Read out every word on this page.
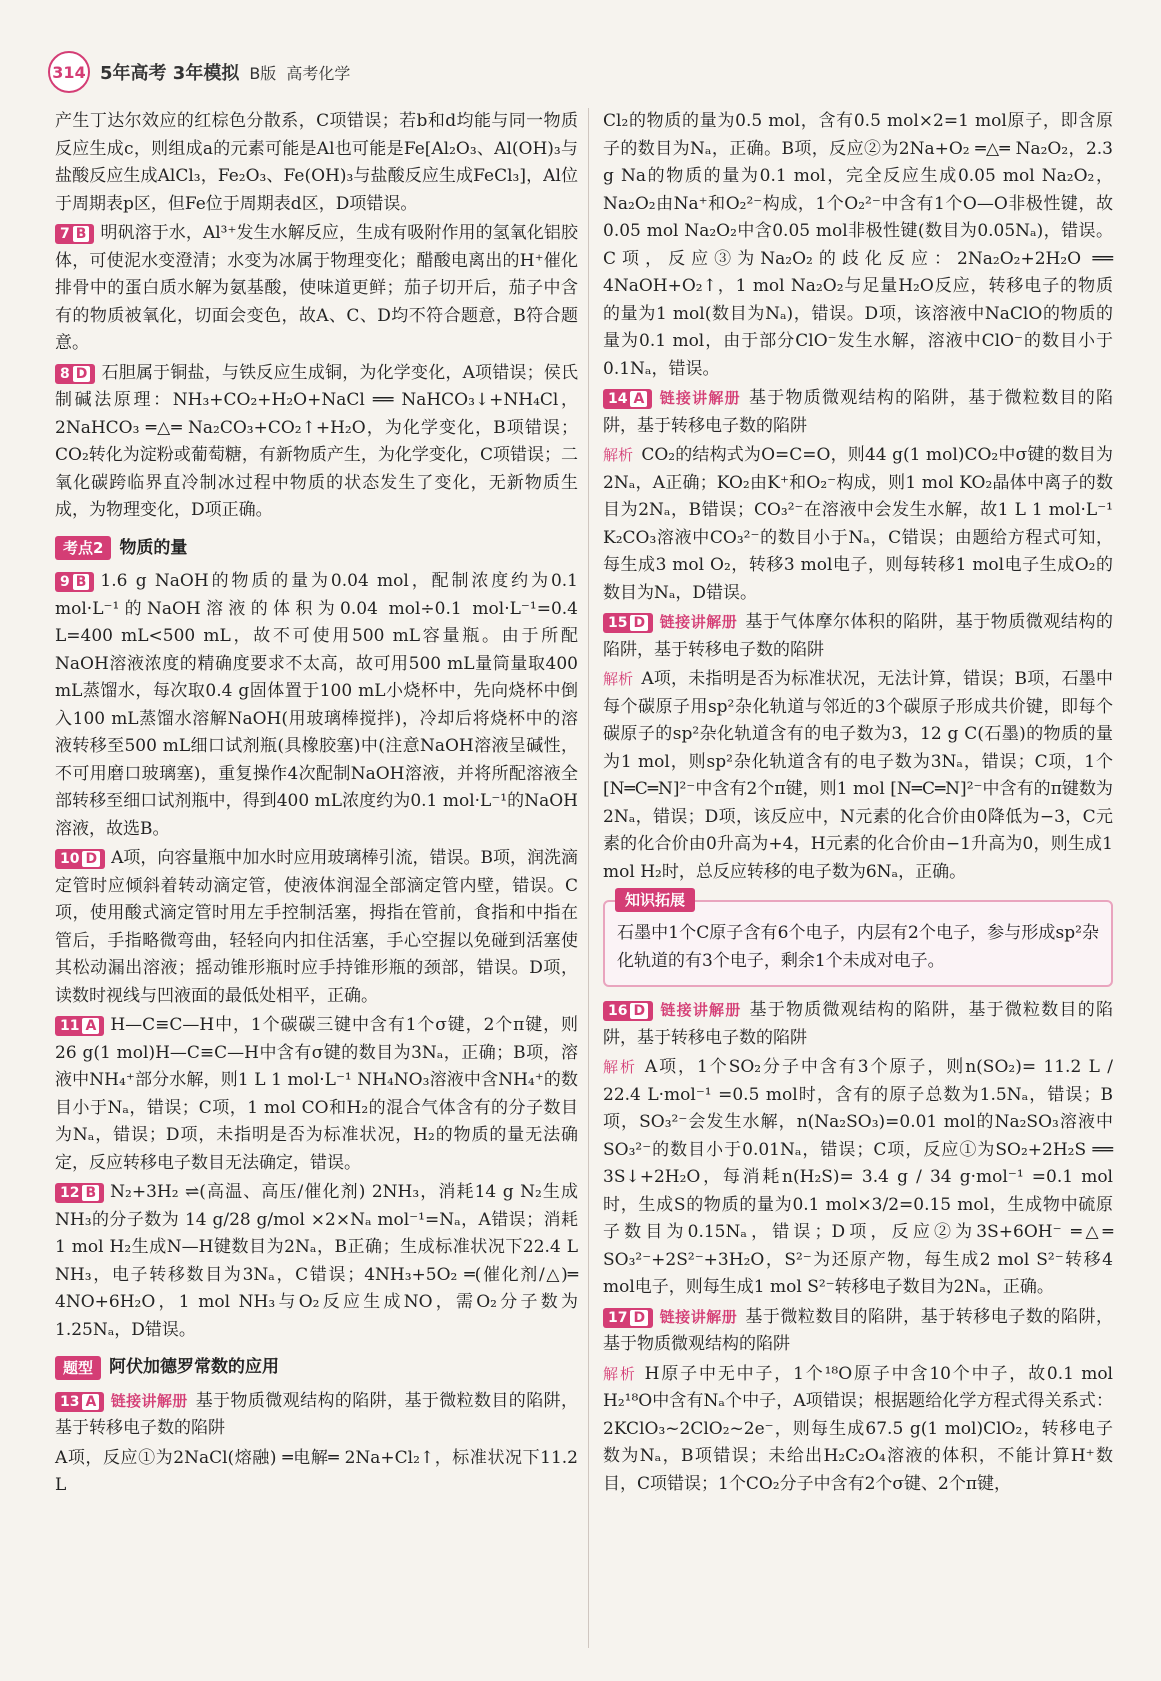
314 5年高考 3年模拟 B版 高考化学

产生丁达尔效应的红棕色分散系，C项错误；若b和d均能与同一物质反应生成c，则组成a的元素可能是Al也可能是Fe[Al₂O₃、Al(OH)₃与盐酸反应生成AlCl₃，Fe₂O₃、Fe(OH)₃与盐酸反应生成FeCl₃]，Al位于周期表p区，但Fe位于周期表d区，D项错误。

7 B 明矾溶于水，Al³⁺发生水解反应，生成有吸附作用的氢氧化铝胶体，可使泥水变澄清；水变为冰属于物理变化；醋酸电离出的H⁺催化排骨中的蛋白质水解为氨基酸，使味道更鲜；茄子切开后，茄子中含有的物质被氧化，切面会变色，故A、C、D均不符合题意，B符合题意。

8 D 石胆属于铜盐，与铁反应生成铜，为化学变化，A项错误；侯氏制碱法原理：NH₃+CO₂+H₂O+NaCl ══ NaHCO₃↓+NH₄Cl，2NaHCO₃ ═△═ Na₂CO₃+CO₂↑+H₂O，为化学变化，B项错误；CO₂转化为淀粉或葡萄糖，有新物质产生，为化学变化，C项错误；二氧化碳跨临界直冷制冰过程中物质的状态发生了变化，无新物质生成，为物理变化，D项正确。

考点2 物质的量

9 B 1.6 g NaOH的物质的量为0.04 mol，配制浓度约为0.1 mol·L⁻¹的NaOH溶液的体积为0.04 mol÷0.1 mol·L⁻¹=0.4 L=400 mL<500 mL，故不可使用500 mL容量瓶。由于所配NaOH溶液浓度的精确度要求不太高，故可用500 mL量筒量取400 mL蒸馏水，每次取0.4 g固体置于100 mL小烧杯中，先向烧杯中倒入100 mL蒸馏水溶解NaOH(用玻璃棒搅拌)，冷却后将烧杯中的溶液转移至500 mL细口试剂瓶(具橡胶塞)中(注意NaOH溶液呈碱性，不可用磨口玻璃塞)，重复操作4次配制NaOH溶液，并将所配溶液全部转移至细口试剂瓶中，得到400 mL浓度约为0.1 mol·L⁻¹的NaOH溶液，故选B。

10 D A项，向容量瓶中加水时应用玻璃棒引流，错误。B项，润洗滴定管时应倾斜着转动滴定管，使液体润湿全部滴定管内壁，错误。C项，使用酸式滴定管时用左手控制活塞，拇指在管前，食指和中指在管后，手指略微弯曲，轻轻向内扣住活塞，手心空握以免碰到活塞使其松动漏出溶液；摇动锥形瓶时应手持锥形瓶的颈部，错误。D项，读数时视线与凹液面的最低处相平，正确。

11 A H—C≡C—H中，1个碳碳三键中含有1个σ键，2个π键，则26 g(1 mol)H—C≡C—H中含有σ键的数目为3Nₐ，正确；B项，溶液中NH₄⁺部分水解，则1 L 1 mol·L⁻¹ NH₄NO₃溶液中含NH₄⁺的数目小于Nₐ，错误；C项，1 mol CO和H₂的混合气体含有的分子数目为Nₐ，错误；D项，未指明是否为标准状况，H₂的物质的量无法确定，反应转移电子数目无法确定，错误。

12 B N₂+3H₂ ⇌(高温、高压/催化剂) 2NH₃，消耗14 g N₂生成NH₃的分子数为 14 g/28 g/mol ×2×Nₐ mol⁻¹=Nₐ，A错误；消耗1 mol H₂生成N—H键数目为2Nₐ，B正确；生成标准状况下22.4 L NH₃，电子转移数目为3Nₐ，C错误；4NH₃+5O₂ ═(催化剂/△)═ 4NO+6H₂O，1 mol NH₃与O₂反应生成NO，需O₂分子数为1.25Nₐ，D错误。

题型 阿伏加德罗常数的应用

13 A 链接讲解册 基于物质微观结构的陷阱，基于微粒数目的陷阱，基于转移电子数的陷阱

A项，反应①为2NaCl(熔融) ═电解═ 2Na+Cl₂↑，标准状况下11.2 L

Cl₂的物质的量为0.5 mol，含有0.5 mol×2=1 mol原子，即含原子的数目为Nₐ，正确。B项，反应②为2Na+O₂ ═△═ Na₂O₂，2.3 g Na的物质的量为0.1 mol，完全反应生成0.05 mol Na₂O₂，Na₂O₂由Na⁺和O₂²⁻构成，1个O₂²⁻中含有1个O—O非极性键，故0.05 mol Na₂O₂中含0.05 mol非极性键(数目为0.05Nₐ)，错误。C项，反应③为Na₂O₂的歧化反应：2Na₂O₂+2H₂O ══ 4NaOH+O₂↑，1 mol Na₂O₂与足量H₂O反应，转移电子的物质的量为1 mol(数目为Nₐ)，错误。D项，该溶液中NaClO的物质的量为0.1 mol，由于部分ClO⁻发生水解，溶液中ClO⁻的数目小于0.1Nₐ，错误。

14 A 链接讲解册 基于物质微观结构的陷阱，基于微粒数目的陷阱，基于转移电子数的陷阱

解析 CO₂的结构式为O=C=O，则44 g(1 mol)CO₂中σ键的数目为2Nₐ，A正确；KO₂由K⁺和O₂⁻构成，则1 mol KO₂晶体中离子的数目为2Nₐ，B错误；CO₃²⁻在溶液中会发生水解，故1 L 1 mol·L⁻¹ K₂CO₃溶液中CO₃²⁻的数目小于Nₐ，C错误；由题给方程式可知，每生成3 mol O₂，转移3 mol电子，则每转移1 mol电子生成O₂的数目为Nₐ，D错误。

15 D 链接讲解册 基于气体摩尔体积的陷阱，基于物质微观结构的陷阱，基于转移电子数的陷阱

解析 A项，未指明是否为标准状况，无法计算，错误；B项，石墨中每个碳原子用sp²杂化轨道与邻近的3个碳原子形成共价键，即每个碳原子的sp²杂化轨道含有的电子数为3，12 g C(石墨)的物质的量为1 mol，则sp²杂化轨道含有的电子数为3Nₐ，错误；C项，1个[N═C═N]²⁻中含有2个π键，则1 mol [N═C═N]²⁻中含有的π键数为2Nₐ，错误；D项，该反应中，N元素的化合价由0降低为−3，C元素的化合价由0升高为+4，H元素的化合价由−1升高为0，则生成1 mol H₂时，总反应转移的电子数为6Nₐ，正确。

知识拓展

石墨中1个C原子含有6个电子，内层有2个电子，参与形成sp²杂化轨道的有3个电子，剩余1个未成对电子。

16 D 链接讲解册 基于物质微观结构的陷阱，基于微粒数目的陷阱，基于转移电子数的陷阱

解析 A项，1个SO₂分子中含有3个原子，则n(SO₂)= 11.2 L / 22.4 L·mol⁻¹ =0.5 mol时，含有的原子总数为1.5Nₐ，错误；B项，SO₃²⁻会发生水解，n(Na₂SO₃)=0.01 mol的Na₂SO₃溶液中SO₃²⁻的数目小于0.01Nₐ，错误；C项，反应①为SO₂+2H₂S ══ 3S↓+2H₂O，每消耗n(H₂S)= 3.4 g / 34 g·mol⁻¹ =0.1 mol时，生成S的物质的量为0.1 mol×3/2=0.15 mol，生成物中硫原子数目为0.15Nₐ，错误；D项，反应②为3S+6OH⁻ ═△═ SO₃²⁻+2S²⁻+3H₂O，S²⁻为还原产物，每生成2 mol S²⁻转移4 mol电子，则每生成1 mol S²⁻转移电子数目为2Nₐ，正确。

17 D 链接讲解册 基于微粒数目的陷阱，基于转移电子数的陷阱，基于物质微观结构的陷阱

解析 H原子中无中子，1个¹⁸O原子中含10个中子，故0.1 mol H₂¹⁸O中含有Nₐ个中子，A项错误；根据题给化学方程式得关系式：2KClO₃~2ClO₂~2e⁻，则每生成67.5 g(1 mol)ClO₂，转移电子数为Nₐ，B项错误；未给出H₂C₂O₄溶液的体积，不能计算H⁺数目，C项错误；1个CO₂分子中含有2个σ键、2个π键，
